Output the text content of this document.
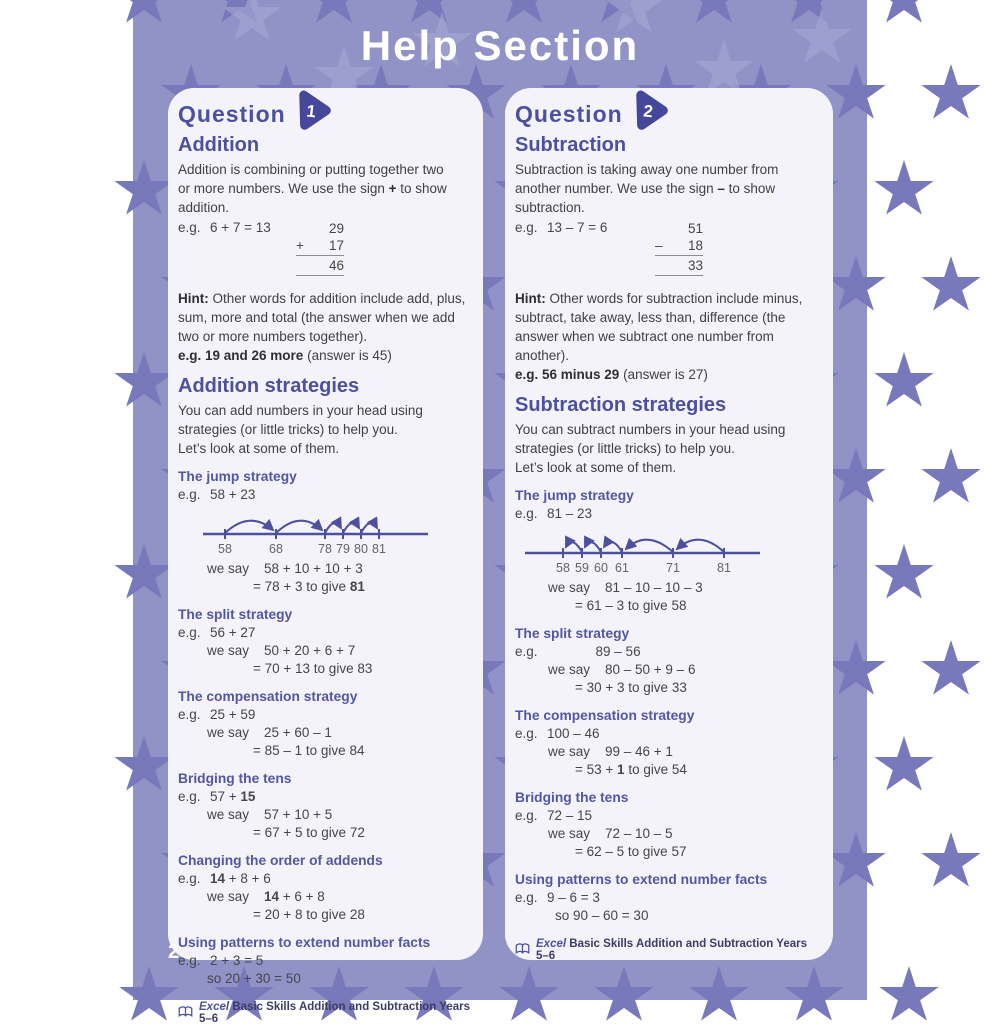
Help Section
Question 1
Addition
Addition is combining or putting together two
or more numbers. We use the sign + to show
addition.
e.g. 6 + 7 = 13	29
+ 17
46
Hint: Other words for addition include add, plus,
sum, more and total (the answer when we add
two or more numbers together).
e.g. 19 and 26 more (answer is 45)
Addition strategies
You can add numbers in your head using
strategies (or little tricks) to help you.
Let’s look at some of them.
The jump strategy
e.g. 58 + 23
58	68	78 79 80 81
we say 58 + 10 + 10 + 3
= 78 + 3 to give 81
The split strategy
e.g. 56 + 27
we say 50 + 20 + 6 + 7
= 70 + 13 to give 83
The compensation strategy
e.g. 25 + 59
we say 25 + 60 – 1
= 85 – 1 to give 84
Bridging the tens
e.g. 57 + 15
we say 57 + 10 + 5
= 67 + 5 to give 72
Changing the order of addends
e.g. 14 + 8 + 6
we say 14 + 6 + 8
= 20 + 8 to give 28
Using patterns to extend number facts
e.g. 2 + 3 = 5
so 20 + 30 = 50
Excel Basic Skills Addition and Subtraction Years 5–6
Question 2
Subtraction
Subtraction is taking away one number from
another number. We use the sign – to show
subtraction.
e.g. 13 – 7 = 6	51
– 18
33
Hint: Other words for subtraction include minus,
subtract, take away, less than, difference (the
answer when we subtract one number from
another).
e.g. 56 minus 29 (answer is 27)
Subtraction strategies
You can subtract numbers in your head using
strategies (or little tricks) to help you.
Let’s look at some of them.
The jump strategy
e.g. 81 – 23
58 59 60 61	71	81
we say 81 – 10 – 10 – 3
= 61 – 3 to give 58
The split strategy
e.g.	89 – 56
we say 80 – 50 + 9 – 6
= 30 + 3 to give 33
The compensation strategy
e.g. 100 – 46
we say 99 – 46 + 1
= 53 + 1 to give 54
Bridging the tens
e.g. 72 – 15
we say 72 – 10 – 5
= 62 – 5 to give 57
Using patterns to extend number facts
e.g. 9 – 6 = 3
so 90 – 60 = 30
Excel Basic Skills Addition and Subtraction Years 5–6
2
